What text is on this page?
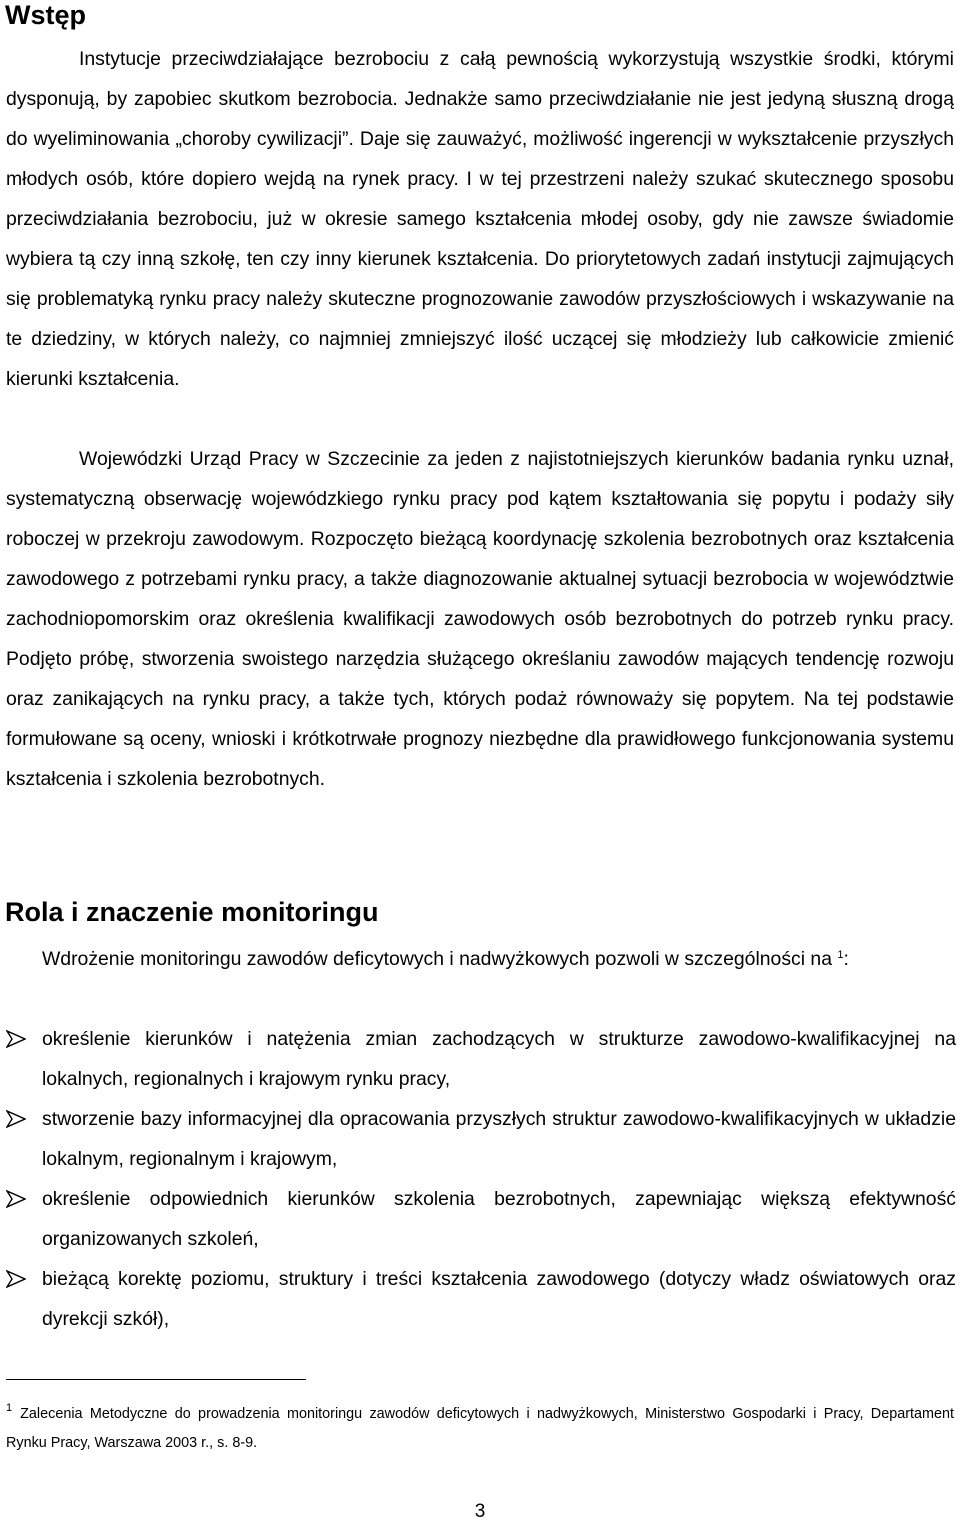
Wstęp

Instytucje przeciwdziałające bezrobociu z całą pewnością wykorzystują wszystkie środki, którymi dysponują, by zapobiec skutkom bezrobocia. Jednakże samo przeciwdziałanie nie jest jedyną słuszną drogą do wyeliminowania „choroby cywilizacji”. Daje się zauważyć, możliwość ingerencji w wykształcenie przyszłych młodych osób, które dopiero wejdą na rynek pracy. I w tej przestrzeni należy szukać skutecznego sposobu przeciwdziałania bezrobociu, już w okresie samego kształcenia młodej osoby, gdy nie zawsze świadomie wybiera tą czy inną szkołę, ten czy inny kierunek kształcenia. Do priorytetowych zadań instytucji zajmujących się problematyką rynku pracy należy skuteczne prognozowanie zawodów przyszłościowych i wskazywanie na te dziedziny, w których należy, co najmniej zmniejszyć ilość uczącej się młodzieży lub całkowicie zmienić kierunki kształcenia.

Wojewódzki Urząd Pracy w Szczecinie za jeden z najistotniejszych kierunków badania rynku uznał, systematyczną obserwację wojewódzkiego rynku pracy pod kątem kształtowania się popytu i podaży siły roboczej w przekroju zawodowym. Rozpoczęto bieżącą koordynację szkolenia bezrobotnych oraz kształcenia zawodowego z potrzebami rynku pracy, a także diagnozowanie aktualnej sytuacji bezrobocia w województwie zachodniopomorskim oraz określenia kwalifikacji zawodowych osób bezrobotnych do potrzeb rynku pracy. Podjęto próbę, stworzenia swoistego narzędzia służącego określaniu zawodów mających tendencję rozwoju oraz zanikających na rynku pracy, a także tych, których podaż równoważy się popytem. Na tej podstawie formułowane są oceny, wnioski i krótkotrwałe prognozy niezbędne dla prawidłowego funkcjonowania systemu kształcenia i szkolenia bezrobotnych.

Rola i znaczenie monitoringu

Wdrożenie monitoringu zawodów deficytowych i nadwyżkowych pozwoli w szczególności na $^1$:

określenie kierunków i natężenia zmian zachodzących w strukturze zawodowo-kwalifikacyjnej na lokalnych, regionalnych i krajowym rynku pracy,
stworzenie bazy informacyjnej dla opracowania przyszłych struktur zawodowo-kwalifikacyjnych w układzie lokalnym, regionalnym i krajowym,
określenie odpowiednich kierunków szkolenia bezrobotnych, zapewniając większą efektywność organizowanych szkoleń,
bieżącą korektę poziomu, struktury i treści kształcenia zawodowego (dotyczy władz oświatowych oraz dyrekcji szkół),
$^1$ Zalecenia Metodyczne do prowadzenia monitoringu zawodów deficytowych i nadwyżkowych, Ministerstwo Gospodarki i Pracy, Departament Rynku Pracy, Warszawa 2003 r., s. 8-9.
3
